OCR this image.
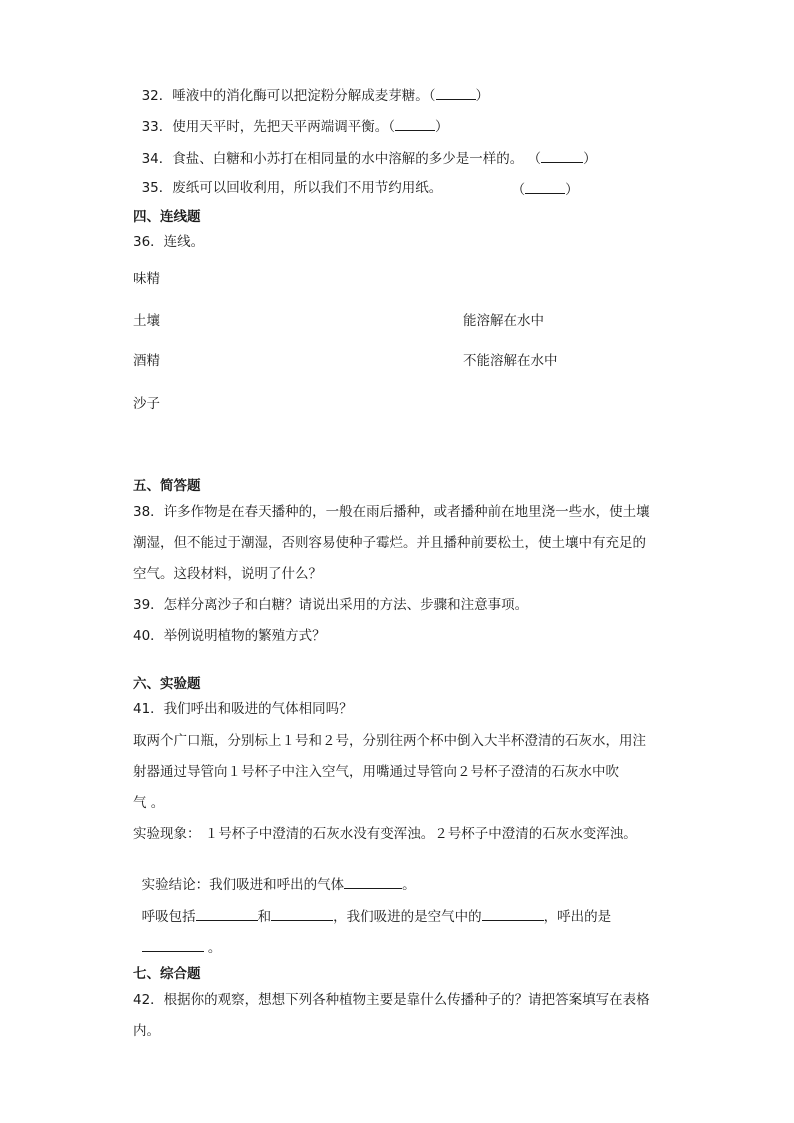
32．唾液中的消化酶可以把淀粉分解成麦芽糖。（	）

33．使用天平时，先把天平两端调平衡。（	）

34．食盐、白糖和小苏打在相同量的水中溶解的多少是一样的。 （	）

35．废纸可以回收利用，所以我们不用节约用纸。	（	）

四、连线题
36．连线。
味精
土壤
酒精
沙子
能溶解在水中
不能溶解在水中
五、简答题
38．许多作物是在春天播种的，一般在雨后播种，或者播种前在地里浇一些水，使土壤
潮湿，但不能过于潮湿，否则容易使种子霉烂。并且播种前要松土，使土壤中有充足的
空气。这段材料，说明了什么？
39．怎样分离沙子和白糖？请说出采用的方法、步骤和注意事项。
40．举例说明植物的繁殖方式？
六、实验题
41．我们呼出和吸进的气体相同吗？
取两个广口瓶，分别标上１号和２号，分别往两个杯中倒入大半杯澄清的石灰水，用注
射器通过导管向１号杯子中注入空气，用嘴通过导管向２号杯子澄清的石灰水中吹
气 。
实验现象： １号杯子中澄清的石灰水没有变浑浊。２号杯子中澄清的石灰水变浑浊。

实验结论：我们吸进和呼出的气体	。

呼吸包括	和	，我们吸进的是空气中的	，呼出的是

。

七、综合题
42．根据你的观察，想想下列各种植物主要是靠什么传播种子的？请把答案填写在表格
内。
